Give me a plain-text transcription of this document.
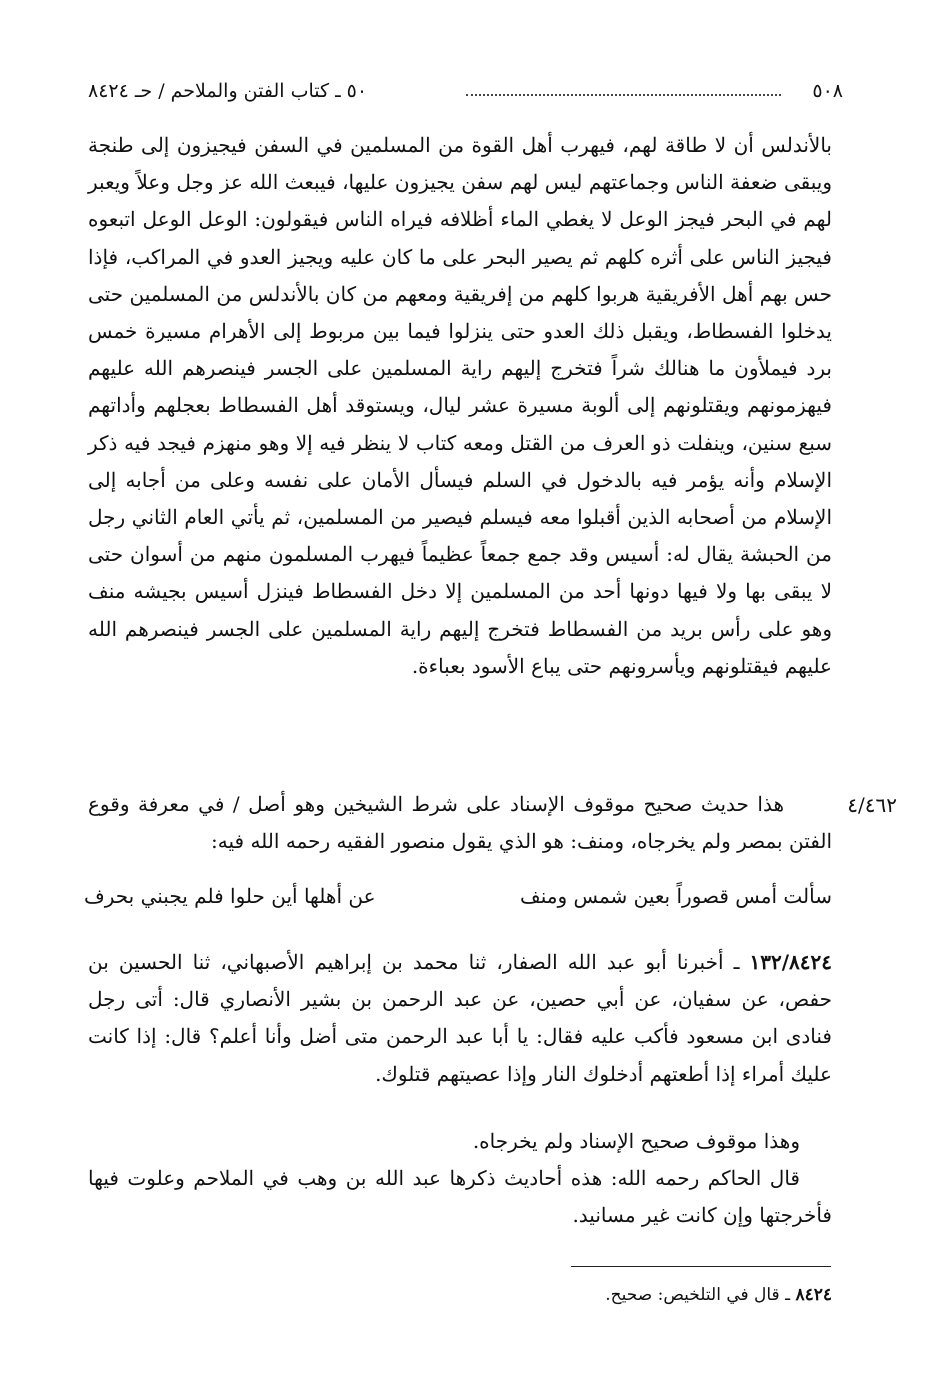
٥٠٨
٥٠ ـ كتاب الفتن والملاحم / حـ ٨٤٢٤

بالأندلس أن لا طاقة لهم، فيهرب أهل القوة من المسلمين في السفن فيجيزون إلى طنجة ويبقى ضعفة الناس وجماعتهم ليس لهم سفن يجيزون عليها، فيبعث الله عز وجل وعلاً ويعبر لهم في البحر فيجز الوعل لا يغطي الماء أظلافه فيراه الناس فيقولون: الوعل الوعل اتبعوه فيجيز الناس على أثره كلهم ثم يصير البحر على ما كان عليه ويجيز العدو في المراكب، فإذا حس بهم أهل الأفريقية هربوا كلهم من إفريقية ومعهم من كان بالأندلس من المسلمين حتى يدخلوا الفسطاط، ويقبل ذلك العدو حتى ينزلوا فيما بين مربوط إلى الأهرام مسيرة خمس برد فيملأون ما هنالك شراً فتخرج إليهم راية المسلمين على الجسر فينصرهم الله عليهم فيهزمونهم ويقتلونهم إلى ألوبة مسيرة عشر ليال، ويستوقد أهل الفسطاط بعجلهم وأداتهم سبع سنين، وينفلت ذو العرف من القتل ومعه كتاب لا ينظر فيه إلا وهو منهزم فيجد فيه ذكر الإسلام وأنه يؤمر فيه بالدخول في السلم فيسأل الأمان على نفسه وعلى من أجابه إلى الإسلام من أصحابه الذين أقبلوا معه فيسلم فيصير من المسلمين، ثم يأتي العام الثاني رجل من الحبشة يقال له: أسيس وقد جمع جمعاً عظيماً فيهرب المسلمون منهم من أسوان حتى لا يبقى بها ولا فيها دونها أحد من المسلمين إلا دخل الفسطاط فينزل أسيس بجيشه منف وهو على رأس بريد من الفسطاط فتخرج إليهم راية المسلمين على الجسر فينصرهم الله عليهم فيقتلونهم ويأسرونهم حتى يباع الأسود بعباءة.

٤/٤٦٢

هذا حديث صحيح موقوف الإسناد على شرط الشيخين وهو أصل / في معرفة وقوع الفتن بمصر ولم يخرجاه، ومنف: هو الذي يقول منصور الفقيه رحمه الله فيه:

سألت أمس قصوراً بعين شمس ومنف
عن أهلها أين حلوا فلم يجبني بحرف

١٣٢/٨٤٢٤ ـ أخبرنا أبو عبد الله الصفار، ثنا محمد بن إبراهيم الأصبهاني، ثنا الحسين بن حفص، عن سفيان، عن أبي حصين، عن عبد الرحمن بن بشير الأنصاري قال: أتى رجل فنادى ابن مسعود فأكب عليه فقال: يا أبا عبد الرحمن متى أضل وأنا أعلم؟ قال: إذا كانت عليك أمراء إذا أطعتهم أدخلوك النار وإذا عصيتهم قتلوك.

وهذا موقوف صحيح الإسناد ولم يخرجاه.

قال الحاكم رحمه الله: هذه أحاديث ذكرها عبد الله بن وهب في الملاحم وعلوت فيها فأخرجتها وإن كانت غير مسانيد.

٨٤٢٤ ـ قال في التلخيص: صحيح.
